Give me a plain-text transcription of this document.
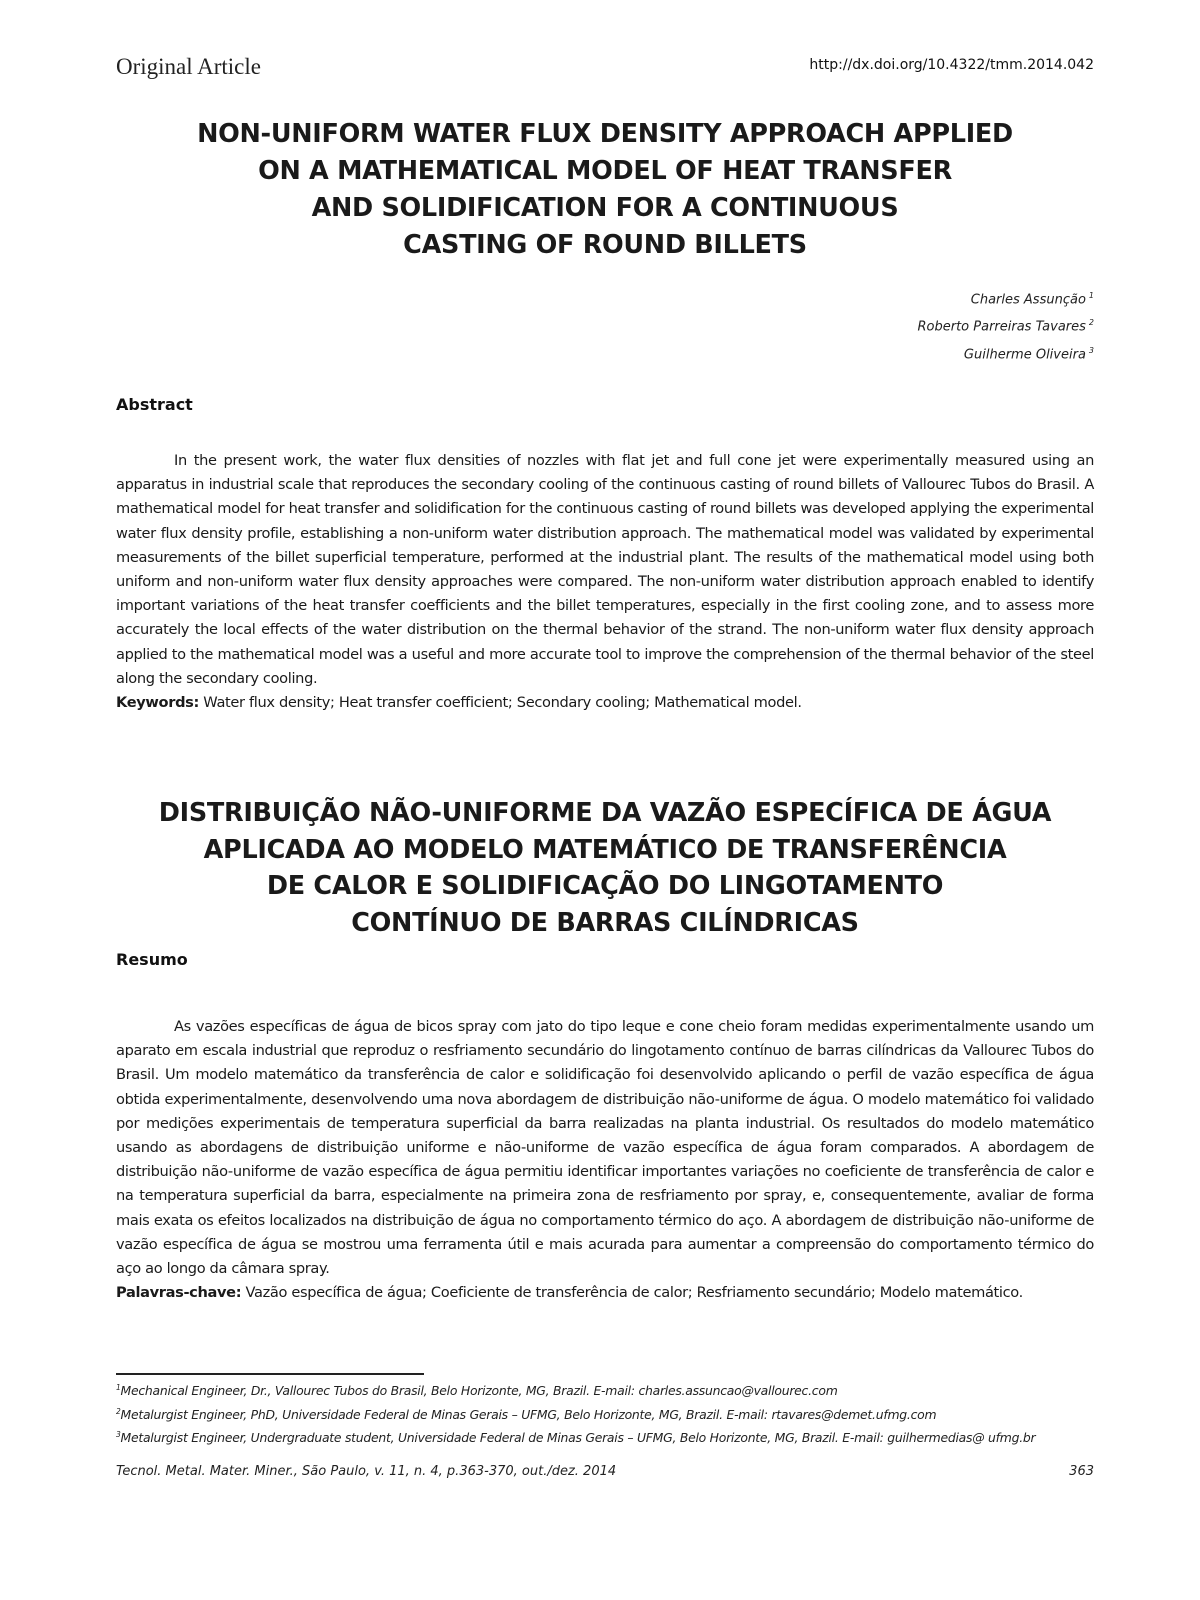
Original Article	http://dx.doi.org/10.4322/tmm.2014.042
NON-UNIFORM WATER FLUX DENSITY APPROACH APPLIED
ON A MATHEMATICAL MODEL OF HEAT TRANSFER
AND SOLIDIFICATION FOR A CONTINUOUS
CASTING OF ROUND BILLETS
Charles Assunção $^1$
Roberto Parreiras Tavares $^2$
Guilherme Oliveira $^3$
Abstract

In the present work, the water flux densities of nozzles with flat jet and full cone jet were experimentally measured using an apparatus in industrial scale that reproduces the secondary cooling of the continuous casting of round billets of Vallourec Tubos do Brasil. A mathematical model for heat transfer and solidification for the continuous casting of round billets was developed applying the experimental water flux density profile, establishing a non-uniform water distribution approach. The mathematical model was validated by experimental measurements of the billet superficial temperature, performed at the industrial plant. The results of the mathematical model using both uniform and non-uniform water flux density approaches were compared. The non-uniform water distribution approach enabled to identify important variations of the heat transfer coefficients and the billet temperatures, especially in the first cooling zone, and to assess more accurately the local effects of the water distribution on the thermal behavior of the strand. The non-uniform water flux density approach applied to the mathematical model was a useful and more accurate tool to improve the comprehension of the thermal behavior of the steel along the secondary cooling.

Keywords: Water flux density; Heat transfer coefficient; Secondary cooling; Mathematical model.

DISTRIBUIÇÃO NÃO-UNIFORME DA VAZÃO ESPECÍFICA DE ÁGUA
APLICADA AO MODELO MATEMÁTICO DE TRANSFERÊNCIA
DE CALOR E SOLIDIFICAÇÃO DO LINGOTAMENTO
CONTÍNUO DE BARRAS CILÍNDRICAS
Resumo

As vazões específicas de água de bicos spray com jato do tipo leque e cone cheio foram medidas experimentalmente usando um aparato em escala industrial que reproduz o resfriamento secundário do lingotamento contínuo de barras cilíndricas da Vallourec Tubos do Brasil. Um modelo matemático da transferência de calor e solidificação foi desenvolvido aplicando o perfil de vazão específica de água obtida experimentalmente, desenvolvendo uma nova abordagem de distribuição não-uniforme de água. O modelo matemático foi validado por medições experimentais de temperatura superficial da barra realizadas na planta industrial. Os resultados do modelo matemático usando as abordagens de distribuição uniforme e não-uniforme de vazão específica de água foram comparados. A abordagem de distribuição não-uniforme de vazão específica de água permitiu identificar importantes variações no coeficiente de transferência de calor e na temperatura superficial da barra, especialmente na primeira zona de resfriamento por spray, e, consequentemente, avaliar de forma mais exata os efeitos localizados na distribuição de água no comportamento térmico do aço. A abordagem de distribuição não-uniforme de vazão específica de água se mostrou uma ferramenta útil e mais acurada para aumentar a compreensão do comportamento térmico do aço ao longo da câmara spray.

Palavras-chave: Vazão específica de água; Coeficiente de transferência de calor; Resfriamento secundário; Modelo matemático.

$^1$Mechanical Engineer, Dr., Vallourec Tubos do Brasil, Belo Horizonte, MG, Brazil. E-mail: charles.assuncao@vallourec.com
$^2$Metalurgist Engineer, PhD, Universidade Federal de Minas Gerais – UFMG, Belo Horizonte, MG, Brazil. E-mail: rtavares@demet.ufmg.com
$^3$Metalurgist Engineer, Undergraduate student, Universidade Federal de Minas Gerais – UFMG, Belo Horizonte, MG, Brazil. E-mail: guilhermedias@ ufmg.br
Tecnol. Metal. Mater. Miner., São Paulo, v. 11, n. 4, p.363-370, out./dez. 2014	363
